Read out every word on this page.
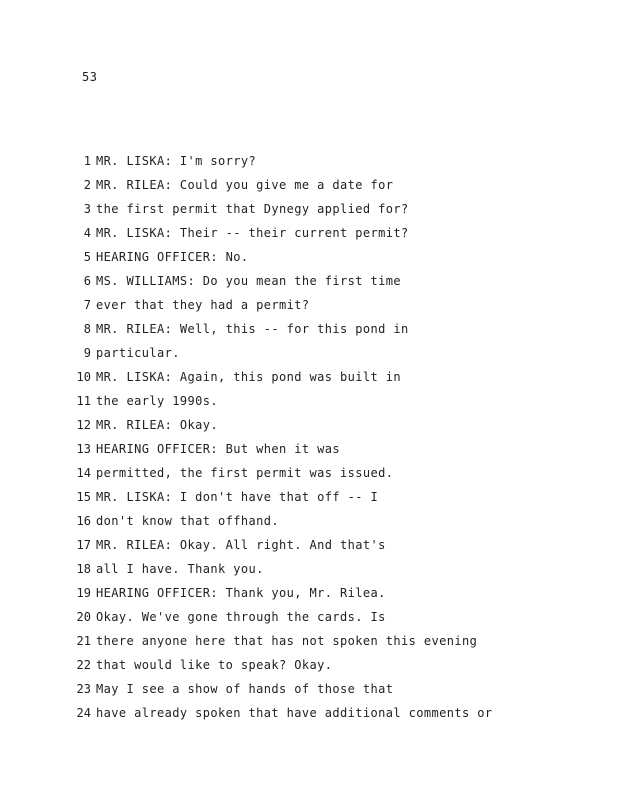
53
1 MR. LISKA: I'm sorry?
2 MR. RILEA: Could you give me a date for
3 the first permit that Dynegy applied for?
4 MR. LISKA: Their -- their current permit?
5 HEARING OFFICER: No.
6 MS. WILLIAMS: Do you mean the first time
7 ever that they had a permit?
8 MR. RILEA: Well, this -- for this pond in
9 particular.
10 MR. LISKA: Again, this pond was built in
11 the early 1990s.
12 MR. RILEA: Okay.
13 HEARING OFFICER: But when it was
14 permitted, the first permit was issued.
15 MR. LISKA: I don't have that off -- I
16 don't know that offhand.
17 MR. RILEA: Okay. All right. And that's
18 all I have. Thank you.
19 HEARING OFFICER: Thank you, Mr. Rilea.
20 Okay. We've gone through the cards. Is
21 there anyone here that has not spoken this evening
22 that would like to speak? Okay.
23 May I see a show of hands of those that
24 have already spoken that have additional comments or
